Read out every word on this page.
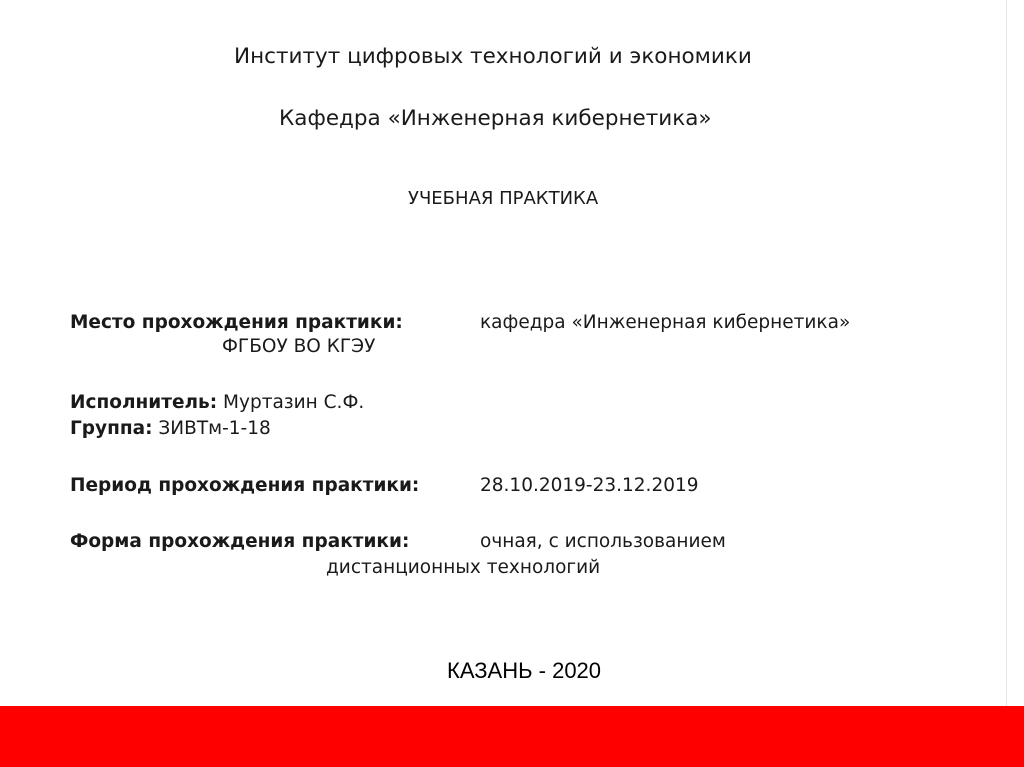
Институт цифровых технологий и экономики
Кафедра «Инженерная кибернетика»
УЧЕБНАЯ ПРАКТИКА
Место прохождения практики:	кафедра «Инженерная кибернетика»
ФГБОУ ВО КГЭУ
Исполнитель: Муртазин С.Ф.
Группа: ЗИВТм-1-18
Период прохождения практики:	28.10.2019-23.12.2019
Форма прохождения практики:	очная, с использованием
дистанционных технологий
КАЗАНЬ - 2020
